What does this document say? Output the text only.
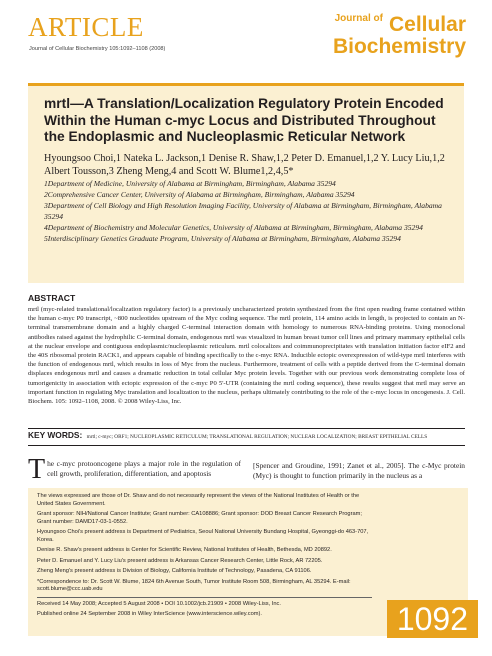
ARTICLE
Journal of Cellular Biochemistry 105:1092–1108 (2008)
$^{Journal of}$ Cellular
Biochemistry
mrtl—A Translation/Localization Regulatory Protein Encoded Within the Human c-myc Locus and Distributed Throughout the Endoplasmic and Nucleoplasmic Reticular Network
Hyoungsoo Choi,1 Nateka L. Jackson,1 Denise R. Shaw,1,2 Peter D. Emanuel,1,2 Y. Lucy Liu,1,2 Albert Tousson,3 Zheng Meng,4 and Scott W. Blume1,2,4,5*
1Department of Medicine, University of Alabama at Birmingham, Birmingham, Alabama 35294
2Comprehensive Cancer Center, University of Alabama at Birmingham, Birmingham, Alabama 35294
3Department of Cell Biology and High Resolution Imaging Facility, University of Alabama at Birmingham, Birmingham, Alabama 35294
4Department of Biochemistry and Molecular Genetics, University of Alabama at Birmingham, Birmingham, Alabama 35294
5Interdisciplinary Genetics Graduate Program, University of Alabama at Birmingham, Birmingham, Alabama 35294
ABSTRACT
mrtl (myc-related translational/localization regulatory factor) is a previously uncharacterized protein synthesized from the first open reading frame contained within the human c-myc P0 transcript, ~800 nucleotides upstream of the Myc coding sequence. The mrtl protein, 114 amino acids in length, is projected to contain an N-terminal transmembrane domain and a highly charged C-terminal interaction domain with homology to numerous RNA-binding proteins. Using monoclonal antibodies raised against the hydrophilic C-terminal domain, endogenous mrtl was visualized in human breast tumor cell lines and primary mammary epithelial cells at the nuclear envelope and contiguous endoplasmic/nucleoplasmic reticulum. mrtl colocalizes and coimmunoprecipitates with translation initiation factor eIF2 and the 40S ribosomal protein RACK1, and appears capable of binding specifically to the c-myc RNA. Inducible ectopic overexpression of wild-type mrtl interferes with the function of endogenous mrtl, which results in loss of Myc from the nucleus. Furthermore, treatment of cells with a peptide derived from the C-terminal domain displaces endogenous mrtl and causes a dramatic reduction in total cellular Myc protein levels. Together with our previous work demonstrating complete loss of tumorigenicity in association with ectopic expression of the c-myc P0 5'-UTR (containing the mrtl coding sequence), these results suggest that mrtl may serve an important function in regulating Myc translation and localization to the nucleus, perhaps ultimately contributing to the role of the c-myc locus in oncogenesis. J. Cell. Biochem. 105: 1092–1108, 2008. © 2008 Wiley-Liss, Inc.
KEY WORDS: mrtl; c-myc; ORF1; NUCLEOPLASMIC RETICULUM; TRANSLATIONAL REGULATION; NUCLEAR LOCALIZATION; BREAST EPITHELIAL CELLS
T he c-myc protooncogene plays a major role in the regulation of cell growth, proliferation, differentiation, and apoptosis
[Spencer and Groudine, 1991; Zanet et al., 2005]. The c-Myc protein (Myc) is thought to function primarily in the nucleus as a
The views expressed are those of Dr. Shaw and do not necessarily represent the views of the National Institutes of Health or the United States Government.
Grant sponsor: NIH/National Cancer Institute; Grant number: CA108886; Grant sponsor: DOD Breast Cancer Research Program; Grant number: DAMD17-03-1-0552.
Hyoungsoo Choi's present address is Department of Pediatrics, Seoul National University Bundang Hospital, Gyeonggi-do 463-707, Korea.
Denise R. Shaw's present address is Center for Scientific Review, National Institutes of Health, Bethesda, MD 20892.
Peter D. Emanuel and Y. Lucy Liu's present address is Arkansas Cancer Research Center, Little Rock, AR 72205.
Zheng Meng's present address is Division of Biology, California Institute of Technology, Pasadena, CA 91106.
*Correspondence to: Dr. Scott W. Blume, 1824 6th Avenue South, Tumor Institute Room 508, Birmingham, AL 35294. E-mail: scott.blume@ccc.uab.edu
Received 14 May 2008; Accepted 5 August 2008 • DOI 10.1002/jcb.21909 • 2008 Wiley-Liss, Inc.
Published online 24 September 2008 in Wiley InterScience (www.interscience.wiley.com).	1092
